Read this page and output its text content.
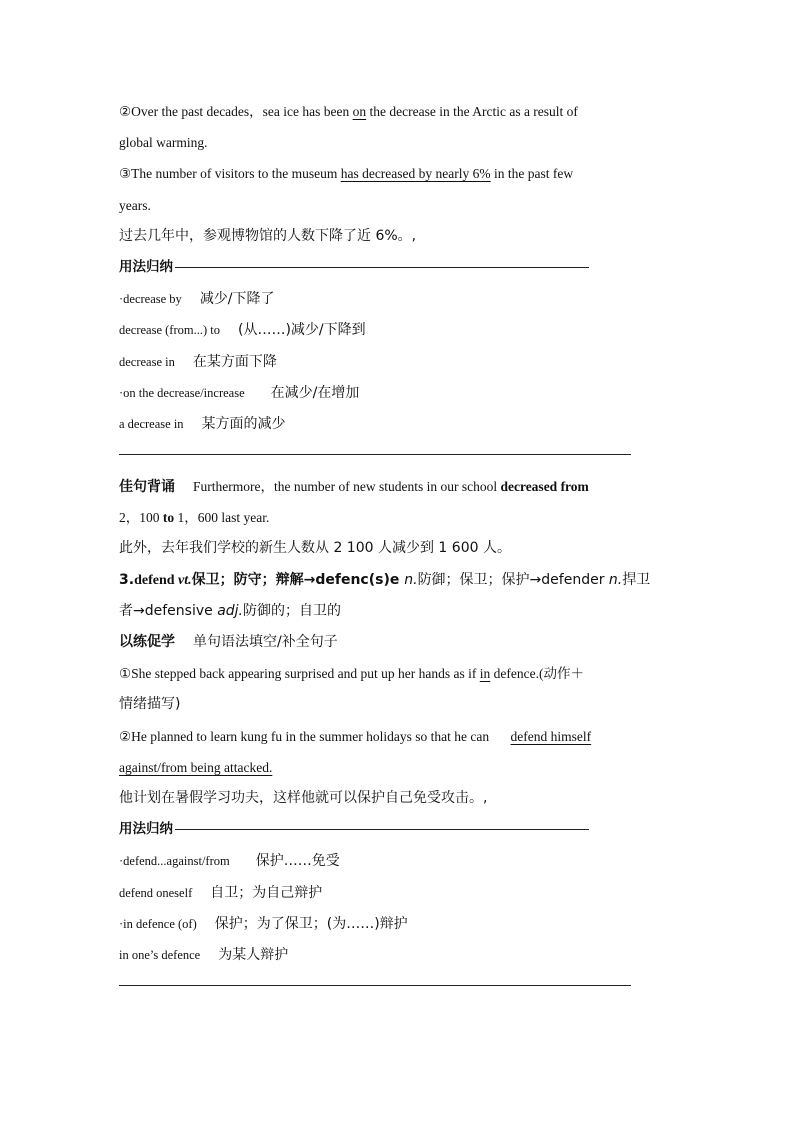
②Over the past decades，sea ice has been on the decrease in the Arctic as a result of
global warming.
③The number of visitors to the museum has decreased by nearly 6% in the past few
years.
过去几年中，参观博物馆的人数下降了近 6%。,
用法归纳
·decrease by 减少/下降了
decrease (from...) to (从……)减少/下降到
decrease in 在某方面下降
·on the decrease/increase 在减少/在增加
a decrease in 某方面的减少
佳句背诵 Furthermore，the number of new students in our school decreased from
2，100 to 1，600 last year.
此外，去年我们学校的新生人数从 2 100 人减少到 1 600 人。
3.defend vt.保卫；防守；辩解→defenc(s)e n.防御；保卫；保护→defender n.捍卫
者→defensive adj.防御的；自卫的
以练促学 单句语法填空/补全句子
①She stepped back appearing surprised and put up her hands as if in defence.(动作＋
情绪描写)
②He planned to learn kung fu in the summer holidays so that he can defend himself
against/from being attacked.
他计划在暑假学习功夫，这样他就可以保护自己免受攻击。,
用法归纳
·defend...against/from 保护……免受
defend oneself 自卫；为自己辩护
·in defence (of) 保护；为了保卫；(为……)辩护
in one’s defence 为某人辩护
